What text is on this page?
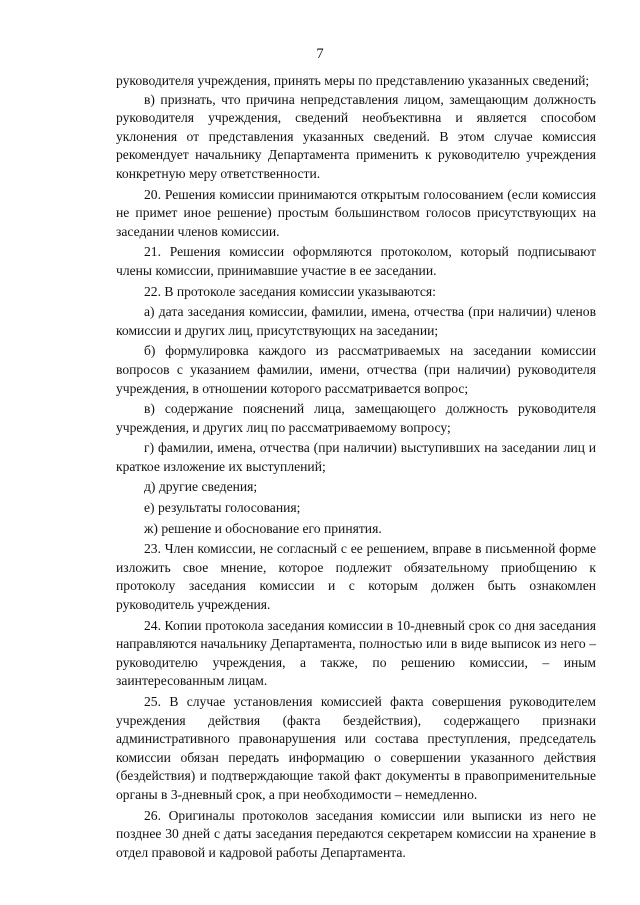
7

руководителя учреждения, принять меры по представлению указанных сведений;

в) признать, что причина непредставления лицом, замещающим должность руководителя учреждения, сведений необъективна и является способом уклонения от представления указанных сведений. В этом случае комиссия рекомендует начальнику Департамента применить к руководителю учреждения конкретную меру ответственности.

20. Решения комиссии принимаются открытым голосованием (если комиссия не примет иное решение) простым большинством голосов присутствующих на заседании членов комиссии.

21. Решения комиссии оформляются протоколом, который подписывают члены комиссии, принимавшие участие в ее заседании.

22. В протоколе заседания комиссии указываются:

а) дата заседания комиссии, фамилии, имена, отчества (при наличии) членов комиссии и других лиц, присутствующих на заседании;

б) формулировка каждого из рассматриваемых на заседании комиссии вопросов с указанием фамилии, имени, отчества (при наличии) руководителя учреждения, в отношении которого рассматривается вопрос;

в) содержание пояснений лица, замещающего должность руководителя учреждения, и других лиц по рассматриваемому вопросу;

г) фамилии, имена, отчества (при наличии) выступивших на заседании лиц и краткое изложение их выступлений;

д) другие сведения;

е) результаты голосования;

ж) решение и обоснование его принятия.

23. Член комиссии, не согласный с ее решением, вправе в письменной форме изложить свое мнение, которое подлежит обязательному приобщению к протоколу заседания комиссии и с которым должен быть ознакомлен руководитель учреждения.

24. Копии протокола заседания комиссии в 10-дневный срок со дня заседания направляются начальнику Департамента, полностью или в виде выписок из него – руководителю учреждения, а также, по решению комиссии, – иным заинтересованным лицам.

25. В случае установления комиссией факта совершения руководителем учреждения действия (факта бездействия), содержащего признаки административного правонарушения или состава преступления, председатель комиссии обязан передать информацию о совершении указанного действия (бездействия) и подтверждающие такой факт документы в правоприменительные органы в 3-дневный срок, а при необходимости – немедленно.

26. Оригиналы протоколов заседания комиссии или выписки из него не позднее 30 дней с даты заседания передаются секретарем комиссии на хранение в отдел правовой и кадровой работы Департамента.
